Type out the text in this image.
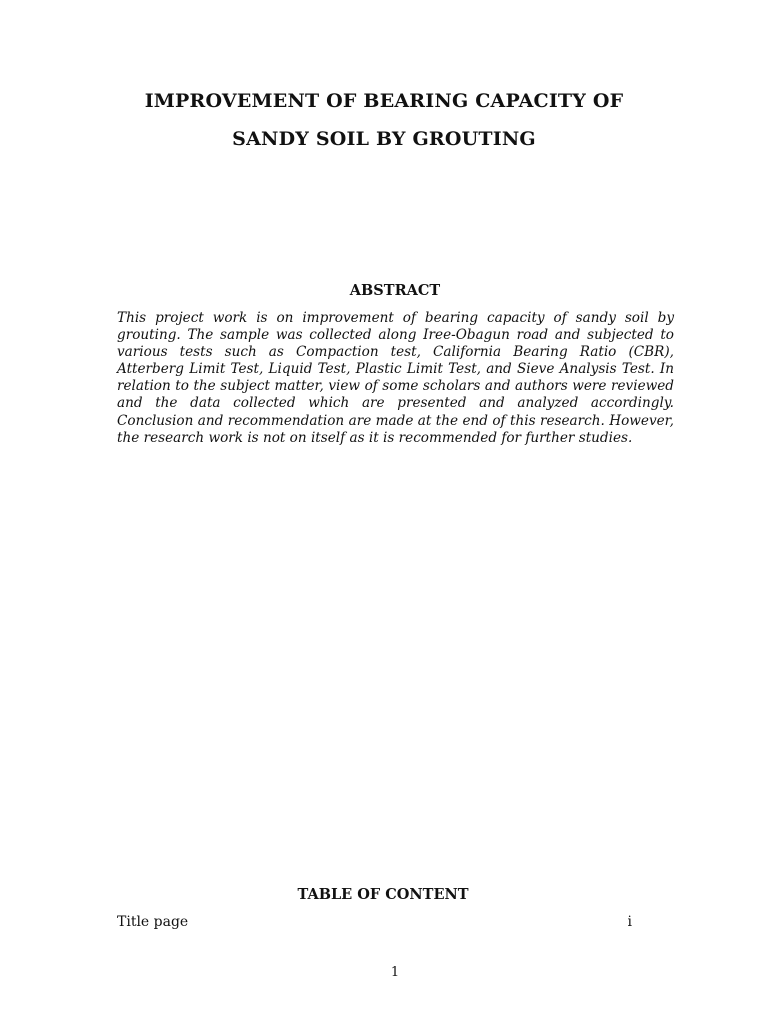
IMPROVEMENT OF BEARING CAPACITY OF
SANDY SOIL BY GROUTING
ABSTRACT

This project work is on improvement of bearing capacity of sandy soil by grouting. The sample was collected along Iree-Obagun road and subjected to various tests such as Compaction test, California Bearing Ratio (CBR), Atterberg Limit Test, Liquid Test, Plastic Limit Test, and Sieve Analysis Test. In relation to the subject matter, view of some scholars and authors were reviewed and the data collected which are presented and analyzed accordingly. Conclusion and recommendation are made at the end of this research. However, the research work is not on itself as it is recommended for further studies.

TABLE OF CONTENT
Title page	i
1
